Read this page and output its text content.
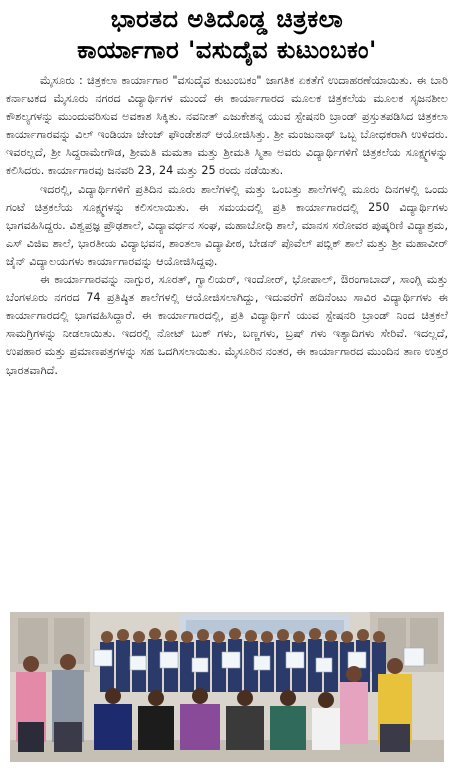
ಭಾರತದ ಅತಿದೊಡ್ಡ ಚಿತ್ರಕಲಾ
ಕಾರ್ಯಾಗಾರ 'ವಸುದೈವ ಕುಟುಂಬಕಂ'

ಮೈಸೂರು : ಚಿತ್ರಕಲಾ ಕಾರ್ಯಾಗಾರ "ವಸುದೈವ ಕುಟುಂಬಕಂ" ಜಾಗತಿಕ ಏಕತೆಗೆ ಉದಾಹರಣೆಯಾಯಿತು. ಈ ಬಾರಿ ಕರ್ನಾಟಕದ ಮೈಸೂರು ನಗರದ ವಿದ್ಯಾರ್ಥಿಗಳ ಮುಂದೆ ಈ ಕಾರ್ಯಾಗಾರದ ಮೂಲಕ ಚಿತ್ರಕಲೆಯ ಮೂಲಕ ಸೃಜನಶೀಲ ಕೌಶಲ್ಯಗಳನ್ನು ಮುಂದುವರಿಸುವ ಅವಕಾಶ ಸಿಕ್ಕಿತು. ನವನೀತ್ ಎಜುಕೇಶನ್ನ ಯುವ ಸ್ಟೇಷನರಿ ಬ್ರಾಂಡ್ ಪ್ರಸ್ತುತಪಡಿಸಿದ ಚಿತ್ರಕಲಾ ಕಾರ್ಯಾಗಾರವನ್ನು ವಿಲ್ ಇಂಡಿಯಾ ಚೇಂಜ್ ಫೌಂಡೇಶನ್ ಆಯೋಜಿಸಿತ್ತು. ಶ್ರೀ ಮಂಜುನಾಥ್ ಒಬ್ಬ ಬೋಧಕರಾಗಿ ಉಳಿದರು. ಇವರಲ್ಲದೆ, ಶ್ರೀ ಸಿದ್ದರಾಮೇಗೌಡ, ಶ್ರೀಮತಿ ಮಮತಾ ಮತ್ತು ಶ್ರೀಮತಿ ಸ್ಮಿತಾ ಅವರು ವಿದ್ಯಾರ್ಥಿಗಳಿಗೆ ಚಿತ್ರಕಲೆಯ ಸೂಕ್ಷ್ಮಗಳನ್ನು ಕಲಿಸಿದರು. ಕಾರ್ಯಾಗಾರವು ಜನವರಿ 23, 24 ಮತ್ತು 25 ರಂದು ನಡೆಯಿತು.

ಇದರಲ್ಲಿ, ವಿದ್ಯಾರ್ಥಿಗಳಿಗೆ ಪ್ರತಿದಿನ ಮೂರು ಶಾಲೆಗಳಲ್ಲಿ ಮತ್ತು ಒಂಬತ್ತು ಶಾಲೆಗಳಲ್ಲಿ ಮೂರು ದಿನಗಳಲ್ಲಿ ಒಂದು ಗಂಟೆ ಚಿತ್ರಕಲೆಯ ಸೂಕ್ಷ್ಮಗಳನ್ನು ಕಲಿಸಲಾಯಿತು. ಈ ಸಮಯದಲ್ಲಿ ಪ್ರತಿ ಕಾರ್ಯಾಗಾರದಲ್ಲಿ 250 ವಿದ್ಯಾರ್ಥಿಗಳು ಭಾಗವಹಿಸಿದ್ದರು. ವಿಶ್ವಪ್ರಜ್ಞ ಪ್ರೌಢಶಾಲೆ, ವಿದ್ಯಾವರ್ಧನ ಸಂಘ, ಮಹಾಬೋಧಿ ಶಾಲೆ, ಮಾನಸ ಸರೋವರ ಪುಷ್ಕರಿಣಿ ವಿದ್ಯಾಶ್ರಮ, ಎಸ್ ವಿಜಿಐ ಶಾಲೆ, ಭಾರತೀಯ ವಿದ್ಯಾಭವನ, ಶಾಂತಲಾ ವಿದ್ಯಾಪೀಠ, ಬೇಡನ್ ಪೊವೆಲ್ ಪಬ್ಲಿಕ್ ಶಾಲೆ ಮತ್ತು ಶ್ರೀ ಮಹಾವೀರ್ ಜೈನ್ ವಿದ್ಯಾಲಯಗಳು ಕಾರ್ಯಾಗಾರವನ್ನು ಆಯೋಜಿಸಿದ್ದವು.

ಈ ಕಾರ್ಯಾಗಾರವನ್ನು ನಾಗ್ಪುರ, ಸೂರತ್, ಗ್ವಾಲಿಯರ್, ಇಂದೋರ್, ಭೋಪಾಲ್, ಔರಂಗಾಬಾದ್, ಸಾಂಗ್ಲಿ ಮತ್ತು ಬೆಂಗಳೂರು ನಗರದ 74 ಪ್ರತಿಷ್ಠಿತ ಶಾಲೆಗಳಲ್ಲಿ ಆಯೋಜಿಸಲಾಗಿದ್ದು, ಇದುವರೆಗೆ ಹದಿನೆಂಟು ಸಾವಿರ ವಿದ್ಯಾರ್ಥಿಗಳು ಈ ಕಾರ್ಯಾಗಾರದಲ್ಲಿ ಭಾಗವಹಿಸಿದ್ದಾರೆ. ಈ ಕಾರ್ಯಾಗಾರದಲ್ಲಿ, ಪ್ರತಿ ವಿದ್ಯಾರ್ಥಿಗೆ ಯುವ ಸ್ಟೇಷನರಿ ಬ್ರಾಂಡ್ ನಿಂದ ಚಿತ್ರಕಲೆ ಸಾಮಗ್ರಿಗಳನ್ನು ನೀಡಲಾಯಿತು. ಇದರಲ್ಲಿ ನೋಟ್ ಬುಕ್ ಗಳು, ಬಣ್ಣಗಳು, ಬ್ರಷ್ ಗಳು ಇತ್ಯಾದಿಗಳು ಸೇರಿವೆ. ಇದಲ್ಲದೆ, ಉಪಹಾರ ಮತ್ತು ಪ್ರಮಾಣಪತ್ರಗಳನ್ನು ಸಹ ಒದಗಿಸಲಾಯಿತು. ಮೈಸೂರಿನ ನಂತರ, ಈ ಕಾರ್ಯಾಗಾರದ ಮುಂದಿನ ತಾಣ ಉತ್ತರ ಭಾರತವಾಗಿದೆ.
